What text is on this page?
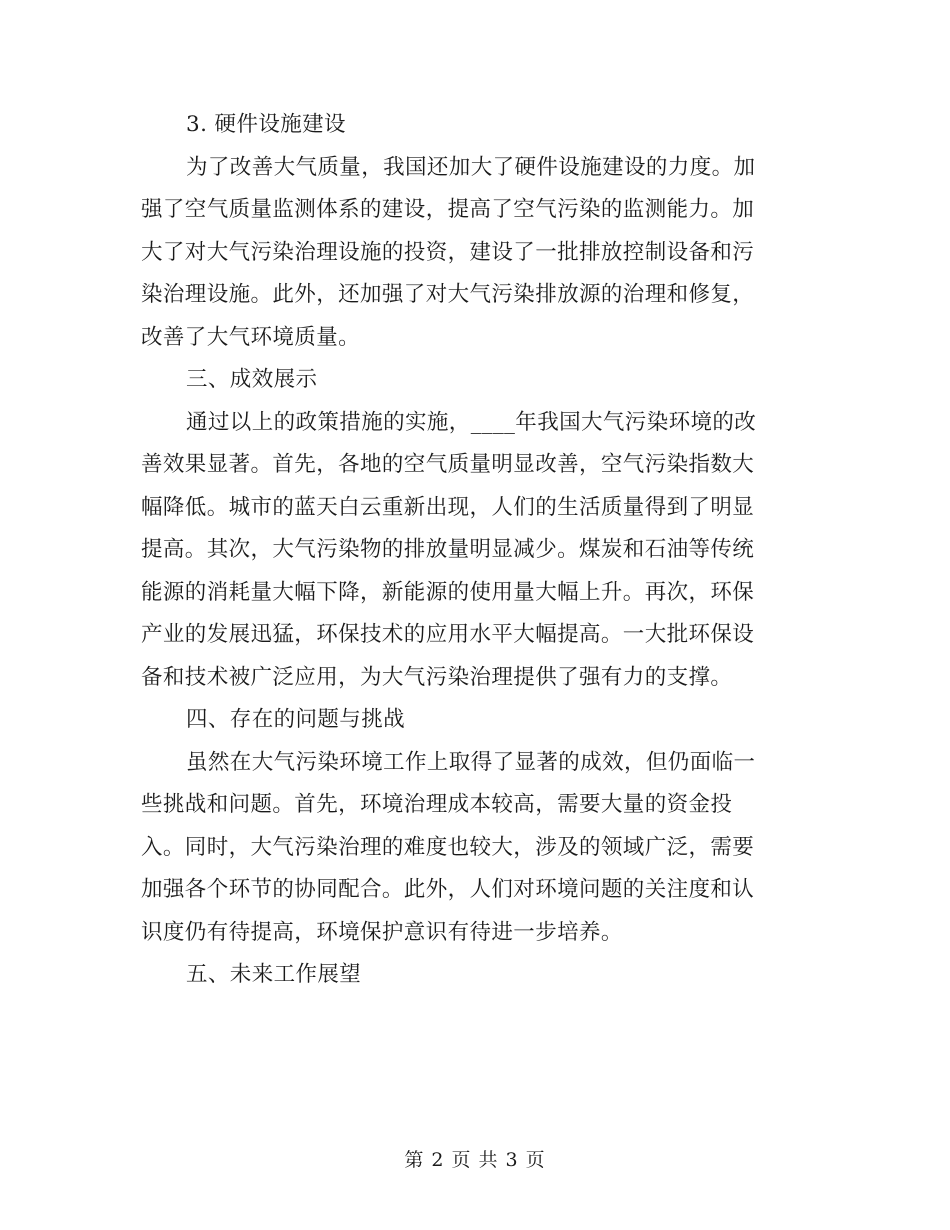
3. 硬件设施建设
为了改善大气质量，我国还加大了硬件设施建设的力度。加
强了空气质量监测体系的建设，提高了空气污染的监测能力。加
大了对大气污染治理设施的投资，建设了一批排放控制设备和污
染治理设施。此外，还加强了对大气污染排放源的治理和修复，
改善了大气环境质量。
三、成效展示
通过以上的政策措施的实施，____年我国大气污染环境的改
善效果显著。首先，各地的空气质量明显改善，空气污染指数大
幅降低。城市的蓝天白云重新出现，人们的生活质量得到了明显
提高。其次，大气污染物的排放量明显减少。煤炭和石油等传统
能源的消耗量大幅下降，新能源的使用量大幅上升。再次，环保
产业的发展迅猛，环保技术的应用水平大幅提高。一大批环保设
备和技术被广泛应用，为大气污染治理提供了强有力的支撑。
四、存在的问题与挑战
虽然在大气污染环境工作上取得了显著的成效，但仍面临一
些挑战和问题。首先，环境治理成本较高，需要大量的资金投
入。同时，大气污染治理的难度也较大，涉及的领域广泛，需要
加强各个环节的协同配合。此外，人们对环境问题的关注度和认
识度仍有待提高，环境保护意识有待进一步培养。
五、未来工作展望
第 2 页 共 3 页
